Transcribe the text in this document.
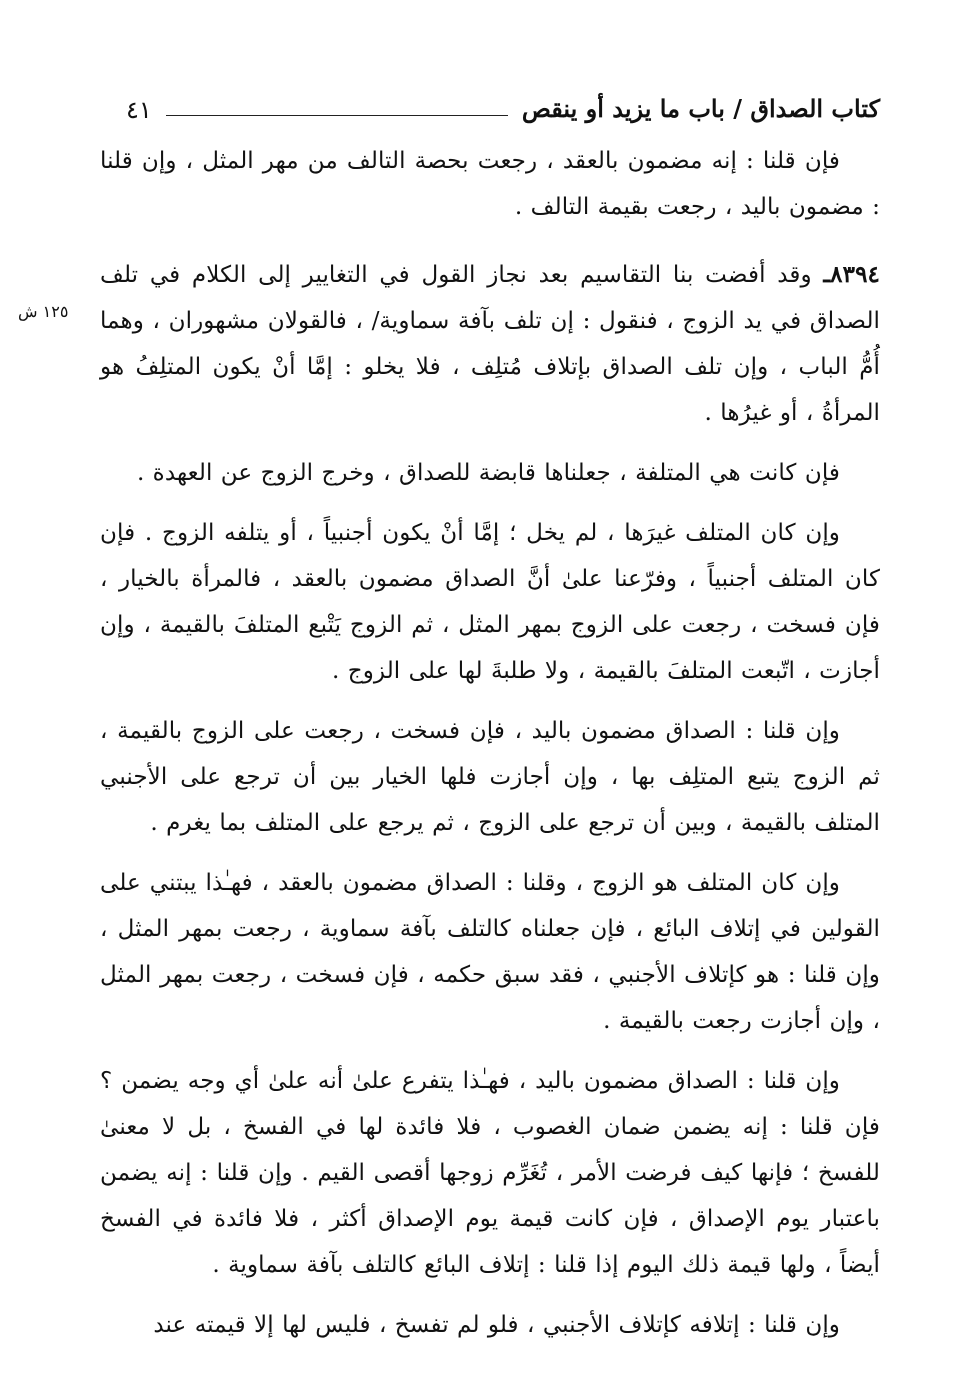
كتاب الصداق / باب ما يزيد أو ينقص
٤١

فإن قلنا : إنه مضمون بالعقد ، رجعت بحصة التالف من مهر المثل ، وإن قلنا : مضمون باليد ، رجعت بقيمة التالف .

١٢٥ ش

٨٣٩٤ـ وقد أفضت بنا التقاسيم بعد نجاز القول في التغايير إلى الكلام في تلف الصداق في يد الزوج ، فنقول : إن تلف بآفة سماوية/ ، فالقولان مشهوران ، وهما أُمُّ الباب ، وإن تلف الصداق بإتلاف مُتلِف ، فلا يخلو : إمَّا أنْ يكون المتلِفُ هو المرأةُ ، أو غيرُها .

فإن كانت هي المتلفة ، جعلناها قابضة للصداق ، وخرج الزوج عن العهدة .

وإن كان المتلف غيرَها ، لم يخل ؛ إمَّا أنْ يكون أجنبياً ، أو يتلفه الزوج . فإن كان المتلف أجنبياً ، وفرّعنا علىٰ أنَّ الصداق مضمون بالعقد ، فالمرأة بالخيار ، فإن فسخت ، رجعت على الزوج بمهر المثل ، ثم الزوج يَتْبع المتلفَ بالقيمة ، وإن أجازت ، اتّبعت المتلفَ بالقيمة ، ولا طلبةَ لها على الزوج .

وإن قلنا : الصداق مضمون باليد ، فإن فسخت ، رجعت على الزوج بالقيمة ، ثم الزوج يتبع المتلِف بها ، وإن أجازت فلها الخيار بين أن ترجع على الأجنبي المتلف بالقيمة ، وبين أن ترجع على الزوج ، ثم يرجع على المتلف بما يغرم .

وإن كان المتلف هو الزوج ، وقلنا : الصداق مضمون بالعقد ، فهـٰذا يبتني على القولين في إتلاف البائع ، فإن جعلناه كالتلف بآفة سماوية ، رجعت بمهر المثل ، وإن قلنا : هو كإتلاف الأجنبي ، فقد سبق حكمه ، فإن فسخت ، رجعت بمهر المثل ، وإن أجازت رجعت بالقيمة .

وإن قلنا : الصداق مضمون باليد ، فهـٰذا يتفرع علىٰ أنه علىٰ أي وجه يضمن ؟ فإن قلنا : إنه يضمن ضمان الغصوب ، فلا فائدة لها في الفسخ ، بل لا معنىٰ للفسخ ؛ فإنها كيف فرضت الأمر ، تُغَرِّم زوجها أقصى القيم . وإن قلنا : إنه يضمن باعتبار يوم الإصداق ، فإن كانت قيمة يوم الإصداق أكثر ، فلا فائدة في الفسخ أيضاً ، ولها قيمة ذلك اليوم إذا قلنا : إتلاف البائع كالتلف بآفة سماوية .

وإن قلنا : إتلافه كإتلاف الأجنبي ، فلو لم تفسخ ، فليس لها إلا قيمته عند
